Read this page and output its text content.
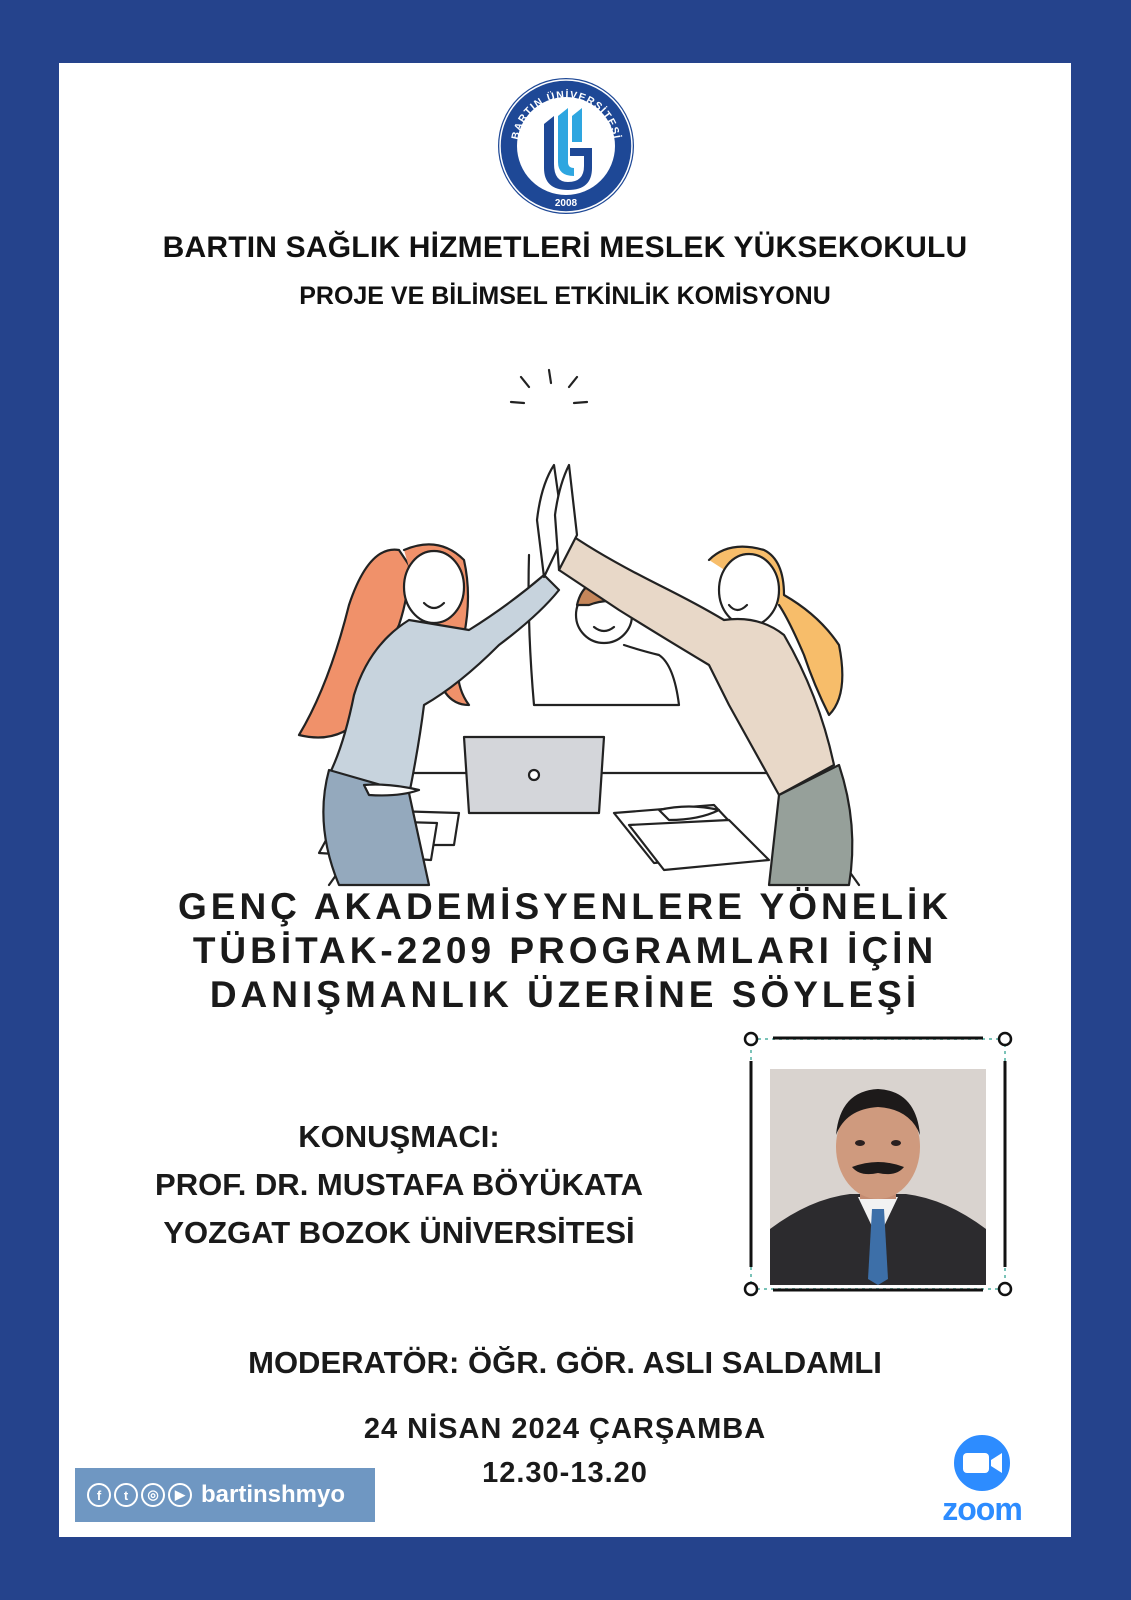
BARTIN ÜNİVERSİTESİ
2008
BARTIN SAĞLIK HİZMETLERİ MESLEK YÜKSEKOKULU
PROJE VE BİLİMSEL ETKİNLİK KOMİSYONU
GENÇ AKADEMİSYENLERE YÖNELİK
TÜBİTAK-2209 PROGRAMLARI İÇİN
DANIŞMANLIK ÜZERİNE SÖYLEŞİ
KONUŞMACI:
PROF. DR. MUSTAFA BÖYÜKATA
YOZGAT BOZOK ÜNİVERSİTESİ
MODERATÖR: ÖĞR. GÖR. ASLI SALDAMLI
24 NİSAN 2024 ÇARŞAMBA
12.30-13.20
f	t	◎	▶ bartinshmyo	zoom
